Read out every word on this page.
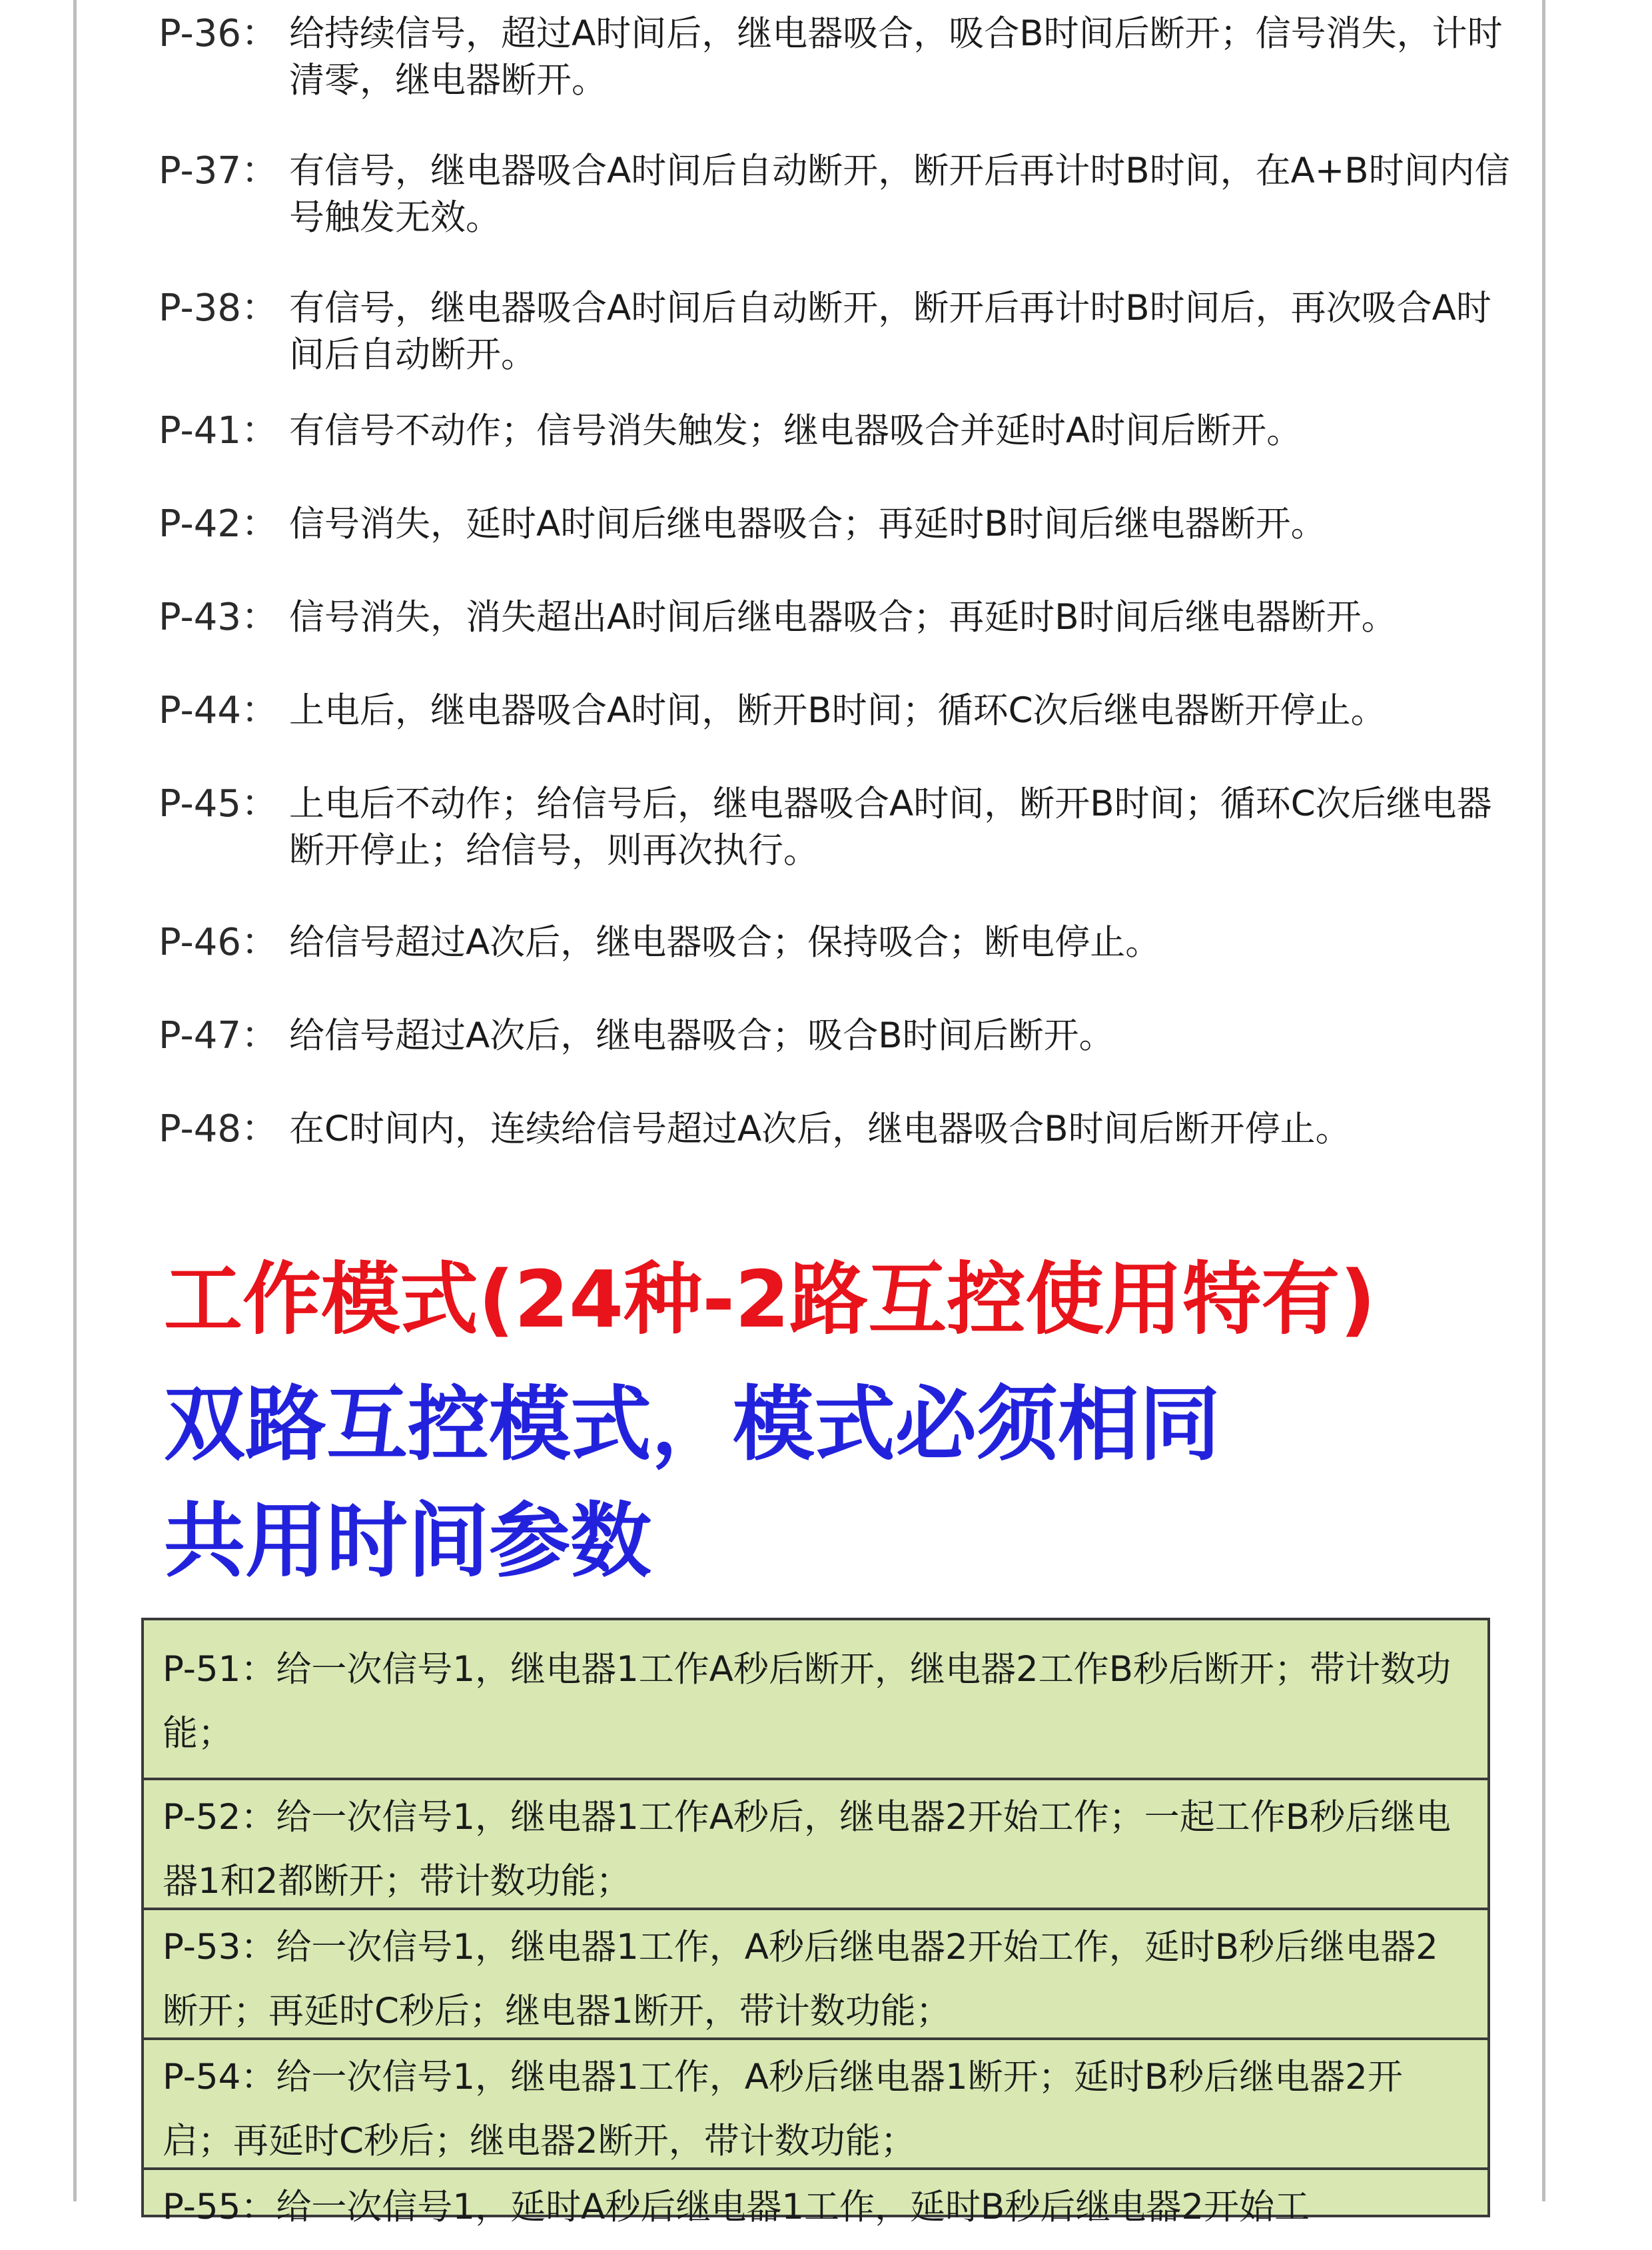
P-36： 给持续信号，超过A时间后，继电器吸合，吸合B时间后断开；信号消失，计时清零，继电器断开。
P-37： 有信号，继电器吸合A时间后自动断开，断开后再计时B时间，在A+B时间内信号触发无效。
P-38： 有信号，继电器吸合A时间后自动断开，断开后再计时B时间后，再次吸合A时间后自动断开。
P-41： 有信号不动作；信号消失触发；继电器吸合并延时A时间后断开。
P-42： 信号消失，延时A时间后继电器吸合；再延时B时间后继电器断开。
P-43： 信号消失，消失超出A时间后继电器吸合；再延时B时间后继电器断开。
P-44： 上电后，继电器吸合A时间，断开B时间；循环C次后继电器断开停止。
P-45： 上电后不动作；给信号后，继电器吸合A时间，断开B时间；循环C次后继电器断开停止；给信号，则再次执行。
P-46： 给信号超过A次后，继电器吸合；保持吸合；断电停止。
P-47： 给信号超过A次后，继电器吸合；吸合B时间后断开。
P-48： 在C时间内，连续给信号超过A次后，继电器吸合B时间后断开停止。
工作模式(24种-2路互控使用特有)
双路互控模式，模式必须相同
共用时间参数
P-51：给一次信号1，继电器1工作A秒后断开，继电器2工作B秒后断开；带计数功能；
P-52：给一次信号1，继电器1工作A秒后，继电器2开始工作；一起工作B秒后继电器1和2都断开；带计数功能；
P-53：给一次信号1，继电器1工作，A秒后继电器2开始工作，延时B秒后继电器2断开；再延时C秒后；继电器1断开，带计数功能；
P-54：给一次信号1，继电器1工作，A秒后继电器1断开；延时B秒后继电器2开启；再延时C秒后；继电器2断开，带计数功能；
P-55：给一次信号1，延时A秒后继电器1工作，延时B秒后继电器2开始工
